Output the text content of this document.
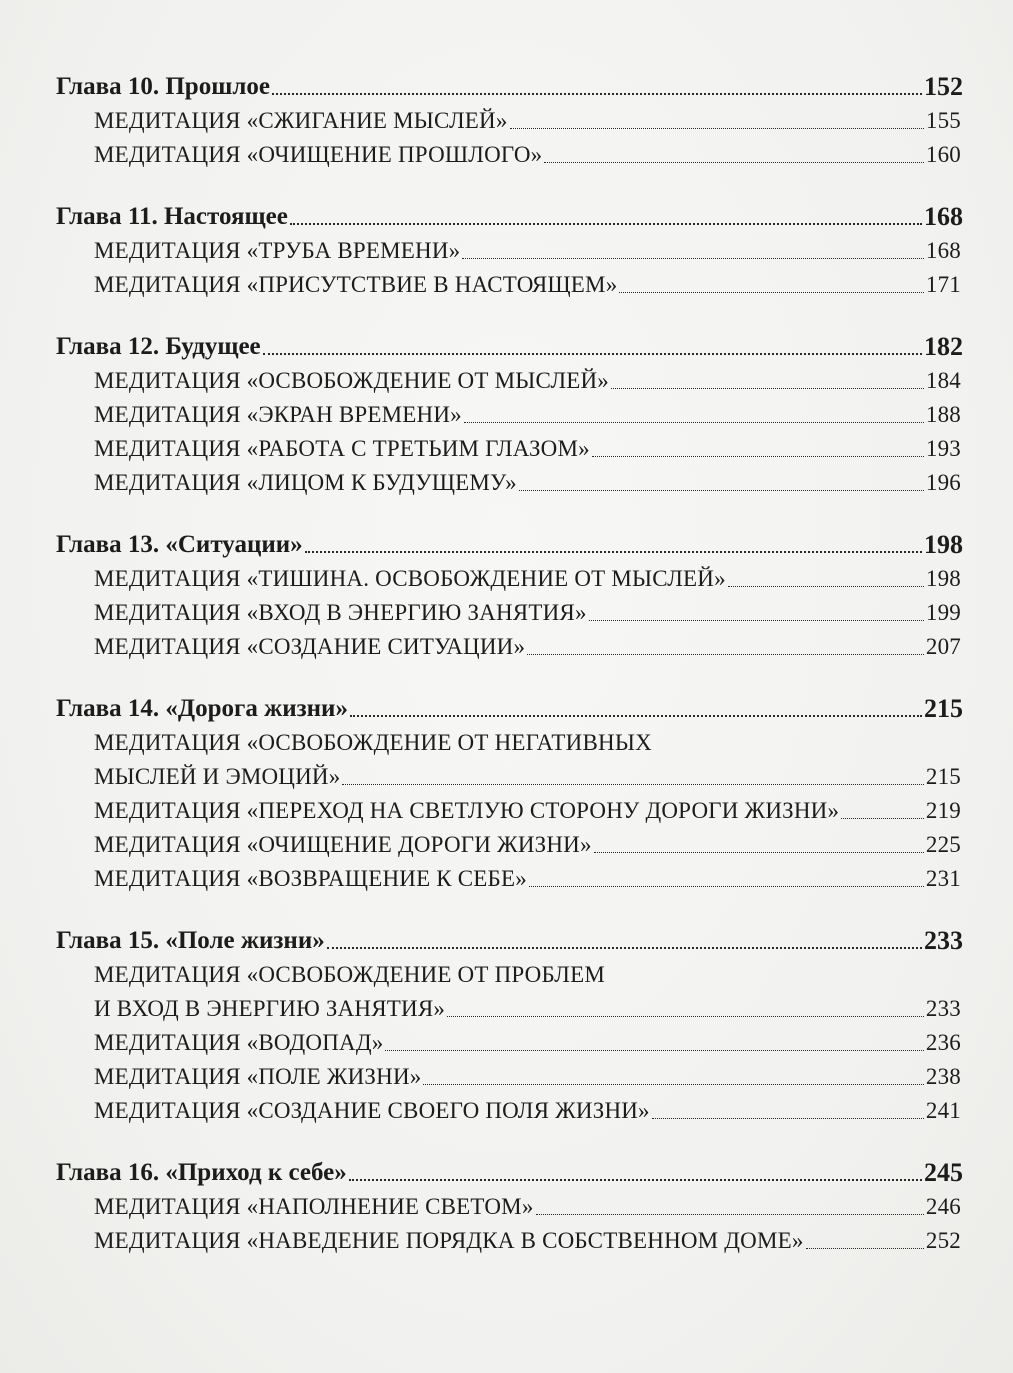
Глава 10. Прошлое	152
МЕДИТАЦИЯ «СЖИГАНИЕ МЫСЛЕЙ»	155
МЕДИТАЦИЯ «ОЧИЩЕНИЕ ПРОШЛОГО»	160
Глава 11. Настоящее	168
МЕДИТАЦИЯ «ТРУБА ВРЕМЕНИ»	168
МЕДИТАЦИЯ «ПРИСУТСТВИЕ В НАСТОЯЩЕМ»	171
Глава 12. Будущее	182
МЕДИТАЦИЯ «ОСВОБОЖДЕНИЕ ОТ МЫСЛЕЙ»	184
МЕДИТАЦИЯ «ЭКРАН ВРЕМЕНИ»	188
МЕДИТАЦИЯ «РАБОТА С ТРЕТЬИМ ГЛАЗОМ»	193
МЕДИТАЦИЯ «ЛИЦОМ К БУДУЩЕМУ»	196
Глава 13. «Ситуации»	198
МЕДИТАЦИЯ «ТИШИНА. ОСВОБОЖДЕНИЕ ОТ МЫСЛЕЙ»	198
МЕДИТАЦИЯ «ВХОД В ЭНЕРГИЮ ЗАНЯТИЯ»	199
МЕДИТАЦИЯ «СОЗДАНИЕ СИТУАЦИИ»	207
Глава 14. «Дорога жизни»	215
МЕДИТАЦИЯ «ОСВОБОЖДЕНИЕ ОТ НЕГАТИВНЫХ
МЫСЛЕЙ И ЭМОЦИЙ»	215
МЕДИТАЦИЯ «ПЕРЕХОД НА СВЕТЛУЮ СТОРОНУ ДОРОГИ ЖИЗНИ»	219
МЕДИТАЦИЯ «ОЧИЩЕНИЕ ДОРОГИ ЖИЗНИ»	225
МЕДИТАЦИЯ «ВОЗВРАЩЕНИЕ К СЕБЕ»	231
Глава 15. «Поле жизни»	233
МЕДИТАЦИЯ «ОСВОБОЖДЕНИЕ ОТ ПРОБЛЕМ
И ВХОД В ЭНЕРГИЮ ЗАНЯТИЯ»	233
МЕДИТАЦИЯ «ВОДОПАД»	236
МЕДИТАЦИЯ «ПОЛЕ ЖИЗНИ»	238
МЕДИТАЦИЯ «СОЗДАНИЕ СВОЕГО ПОЛЯ ЖИЗНИ»	241
Глава 16. «Приход к себе»	245
МЕДИТАЦИЯ «НАПОЛНЕНИЕ СВЕТОМ»	246
МЕДИТАЦИЯ «НАВЕДЕНИЕ ПОРЯДКА В СОБСТВЕННОМ ДОМЕ»	252
